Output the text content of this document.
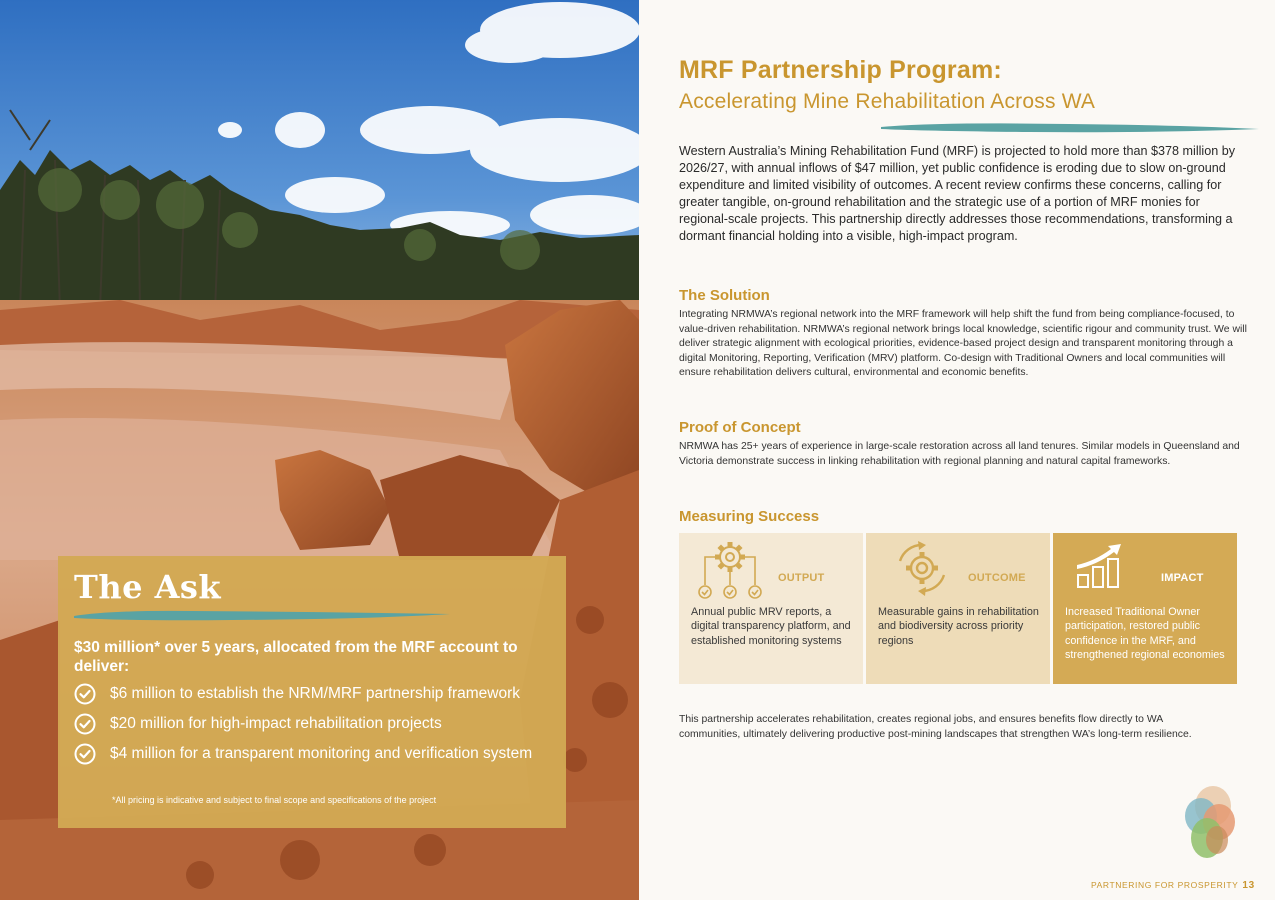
The Ask
$30 million* over 5 years, allocated from the MRF account to deliver:
$6 million to establish the NRM/MRF partnership framework
$20 million for high-impact rehabilitation projects
$4 million for a transparent monitoring and verification system
*All pricing is indicative and subject to final scope and specifications of the project
MRF Partnership Program:
Accelerating Mine Rehabilitation Across WA

Western Australia’s Mining Rehabilitation Fund (MRF) is projected to hold more than $378 million by 2026/27, with annual inflows of $47 million, yet public confidence is eroding due to slow on-ground expenditure and limited visibility of outcomes. A recent review confirms these concerns, calling for greater tangible, on-ground rehabilitation and the strategic use of a portion of MRF monies for regional-scale projects. This partnership directly addresses those recommendations, transforming a dormant financial holding into a visible, high-impact program.

The Solution

Integrating NRMWA’s regional network into the MRF framework will help shift the fund from being compliance-focused, to value-driven rehabilitation. NRMWA’s regional network brings local knowledge, scientific rigour and community trust. We will deliver strategic alignment with ecological priorities, evidence-based project design and transparent monitoring through a digital Monitoring, Reporting, Verification (MRV) platform. Co-design with Traditional Owners and local communities will ensure rehabilitation delivers cultural, environmental and economic benefits.

Proof of Concept

NRMWA has 25+ years of experience in large-scale restoration across all land tenures. Similar models in Queensland and Victoria demonstrate success in linking rehabilitation with regional planning and natural capital frameworks.

Measuring Success
OUTPUT
Annual public MRV reports, a digital transparency platform, and established monitoring systems
OUTCOME
Measurable gains in rehabilitation and biodiversity across priority regions
IMPACT
Increased Traditional Owner participation, restored public confidence in the MRF, and strengthened regional economies

This partnership accelerates rehabilitation, creates regional jobs, and ensures benefits flow directly to WA communities, ultimately delivering productive post-mining landscapes that strengthen WA’s long-term resilience.

PARTNERING FOR PROSPERITY 13
